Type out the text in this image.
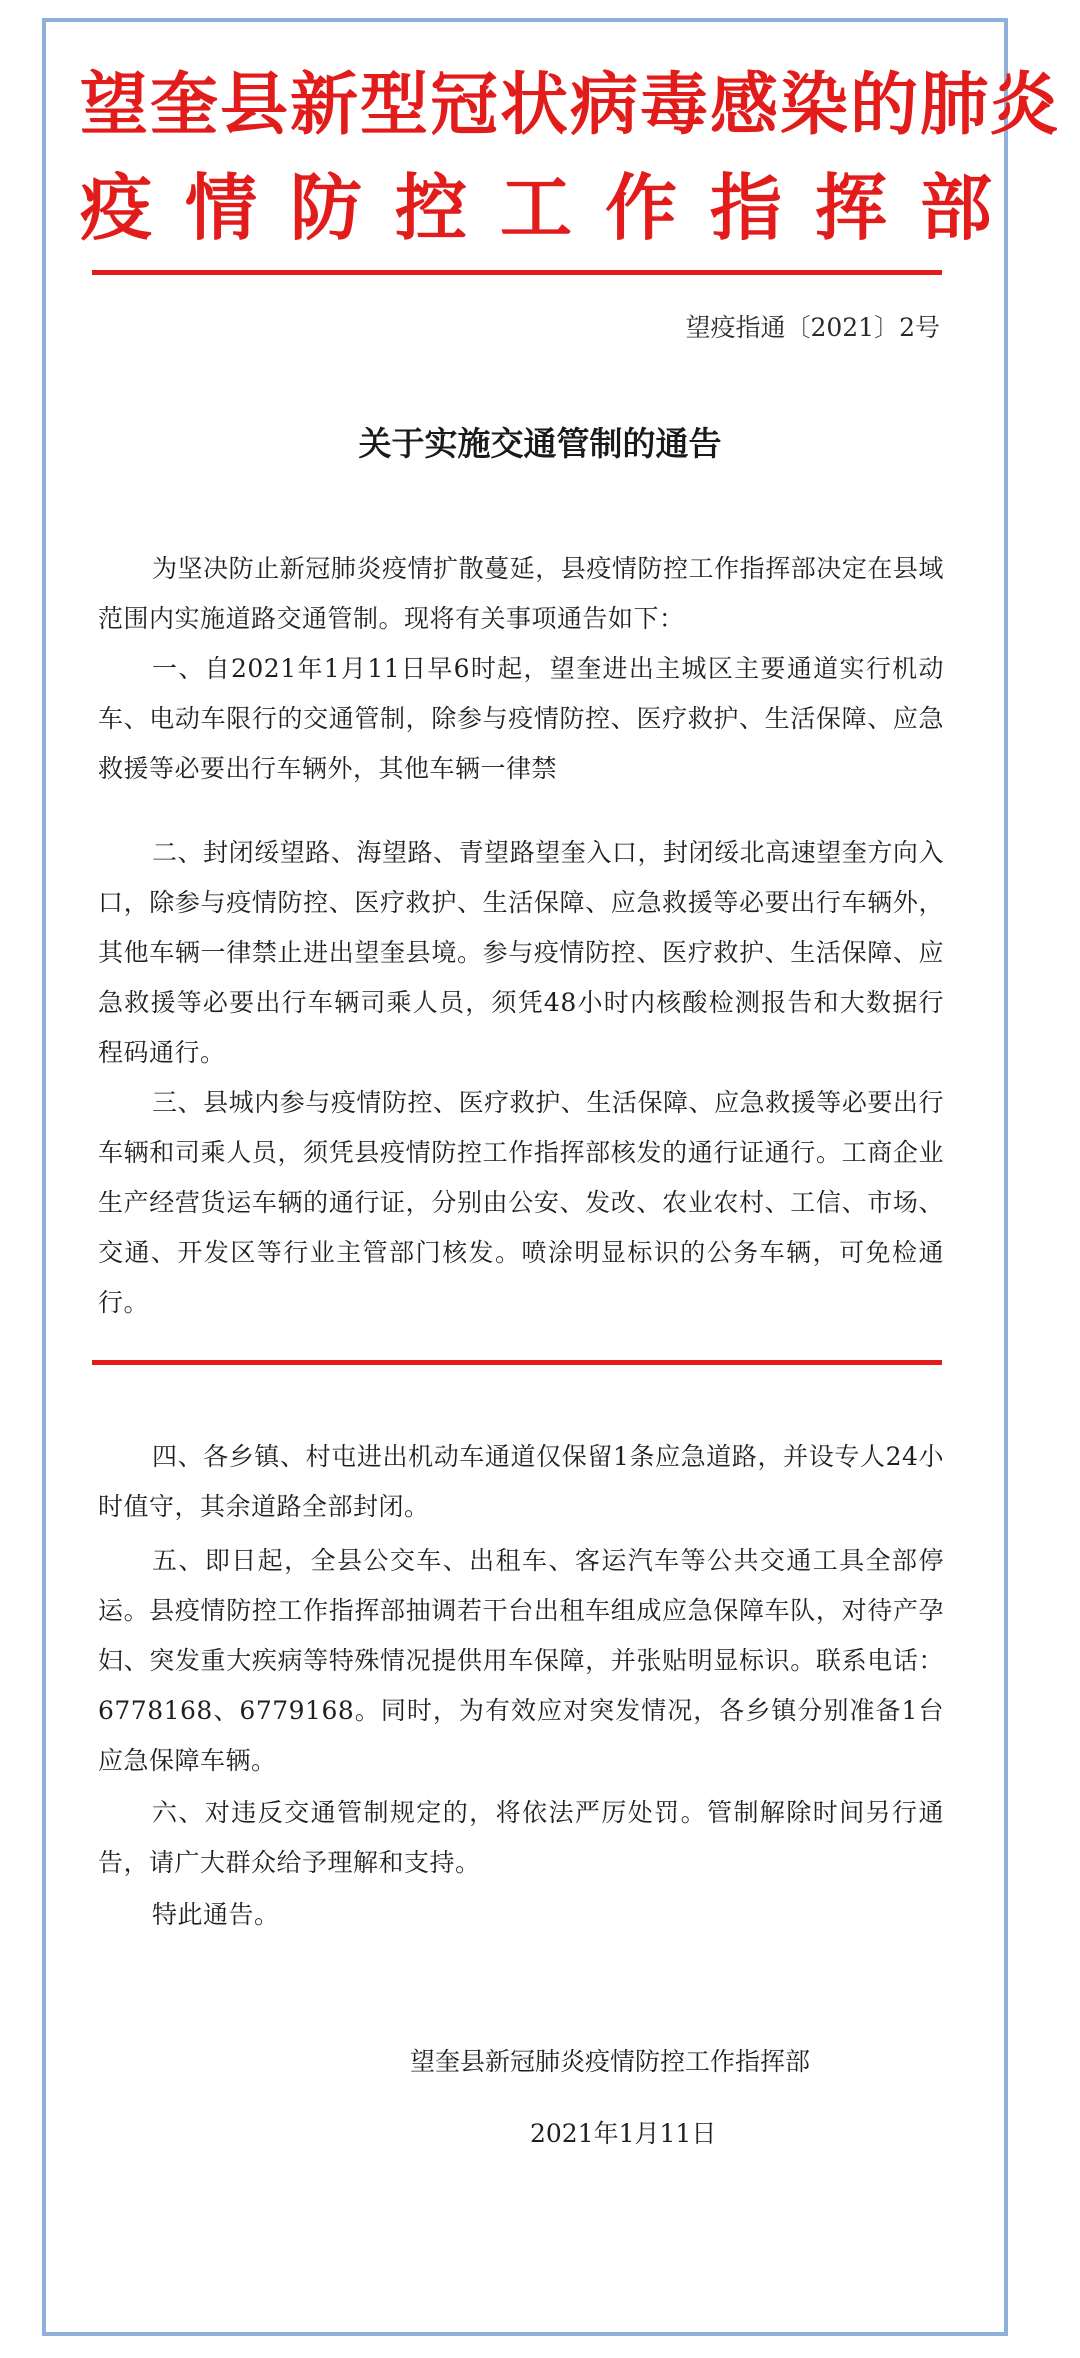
望奎县新型冠状病毒感染的肺炎
疫情防控工作指挥部
望疫指通〔2021〕2号
关于实施交通管制的通告

为坚决防止新冠肺炎疫情扩散蔓延，县疫情防控工作指挥部决定在县域范围内实施道路交通管制。现将有关事项通告如下：

一、自2021年1月11日早6时起，望奎进出主城区主要通道实行机动车、电动车限行的交通管制，除参与疫情防控、医疗救护、生活保障、应急救援等必要出行车辆外，其他车辆一律禁

二、封闭绥望路、海望路、青望路望奎入口，封闭绥北高速望奎方向入口，除参与疫情防控、医疗救护、生活保障、应急救援等必要出行车辆外，其他车辆一律禁止进出望奎县境。参与疫情防控、医疗救护、生活保障、应急救援等必要出行车辆司乘人员，须凭48小时内核酸检测报告和大数据行程码通行。

三、县城内参与疫情防控、医疗救护、生活保障、应急救援等必要出行车辆和司乘人员，须凭县疫情防控工作指挥部核发的通行证通行。工商企业生产经营货运车辆的通行证，分别由公安、发改、农业农村、工信、市场、交通、开发区等行业主管部门核发。喷涂明显标识的公务车辆，可免检通行。

四、各乡镇、村屯进出机动车通道仅保留1条应急道路，并设专人24小时值守，其余道路全部封闭。

五、即日起，全县公交车、出租车、客运汽车等公共交通工具全部停运。县疫情防控工作指挥部抽调若干台出租车组成应急保障车队，对待产孕妇、突发重大疾病等特殊情况提供用车保障，并张贴明显标识。联系电话：6778168、6779168。同时，为有效应对突发情况，各乡镇分别准备1台应急保障车辆。

六、对违反交通管制规定的，将依法严厉处罚。管制解除时间另行通告，请广大群众给予理解和支持。

特此通告。

望奎县新冠肺炎疫情防控工作指挥部
2021年1月11日
